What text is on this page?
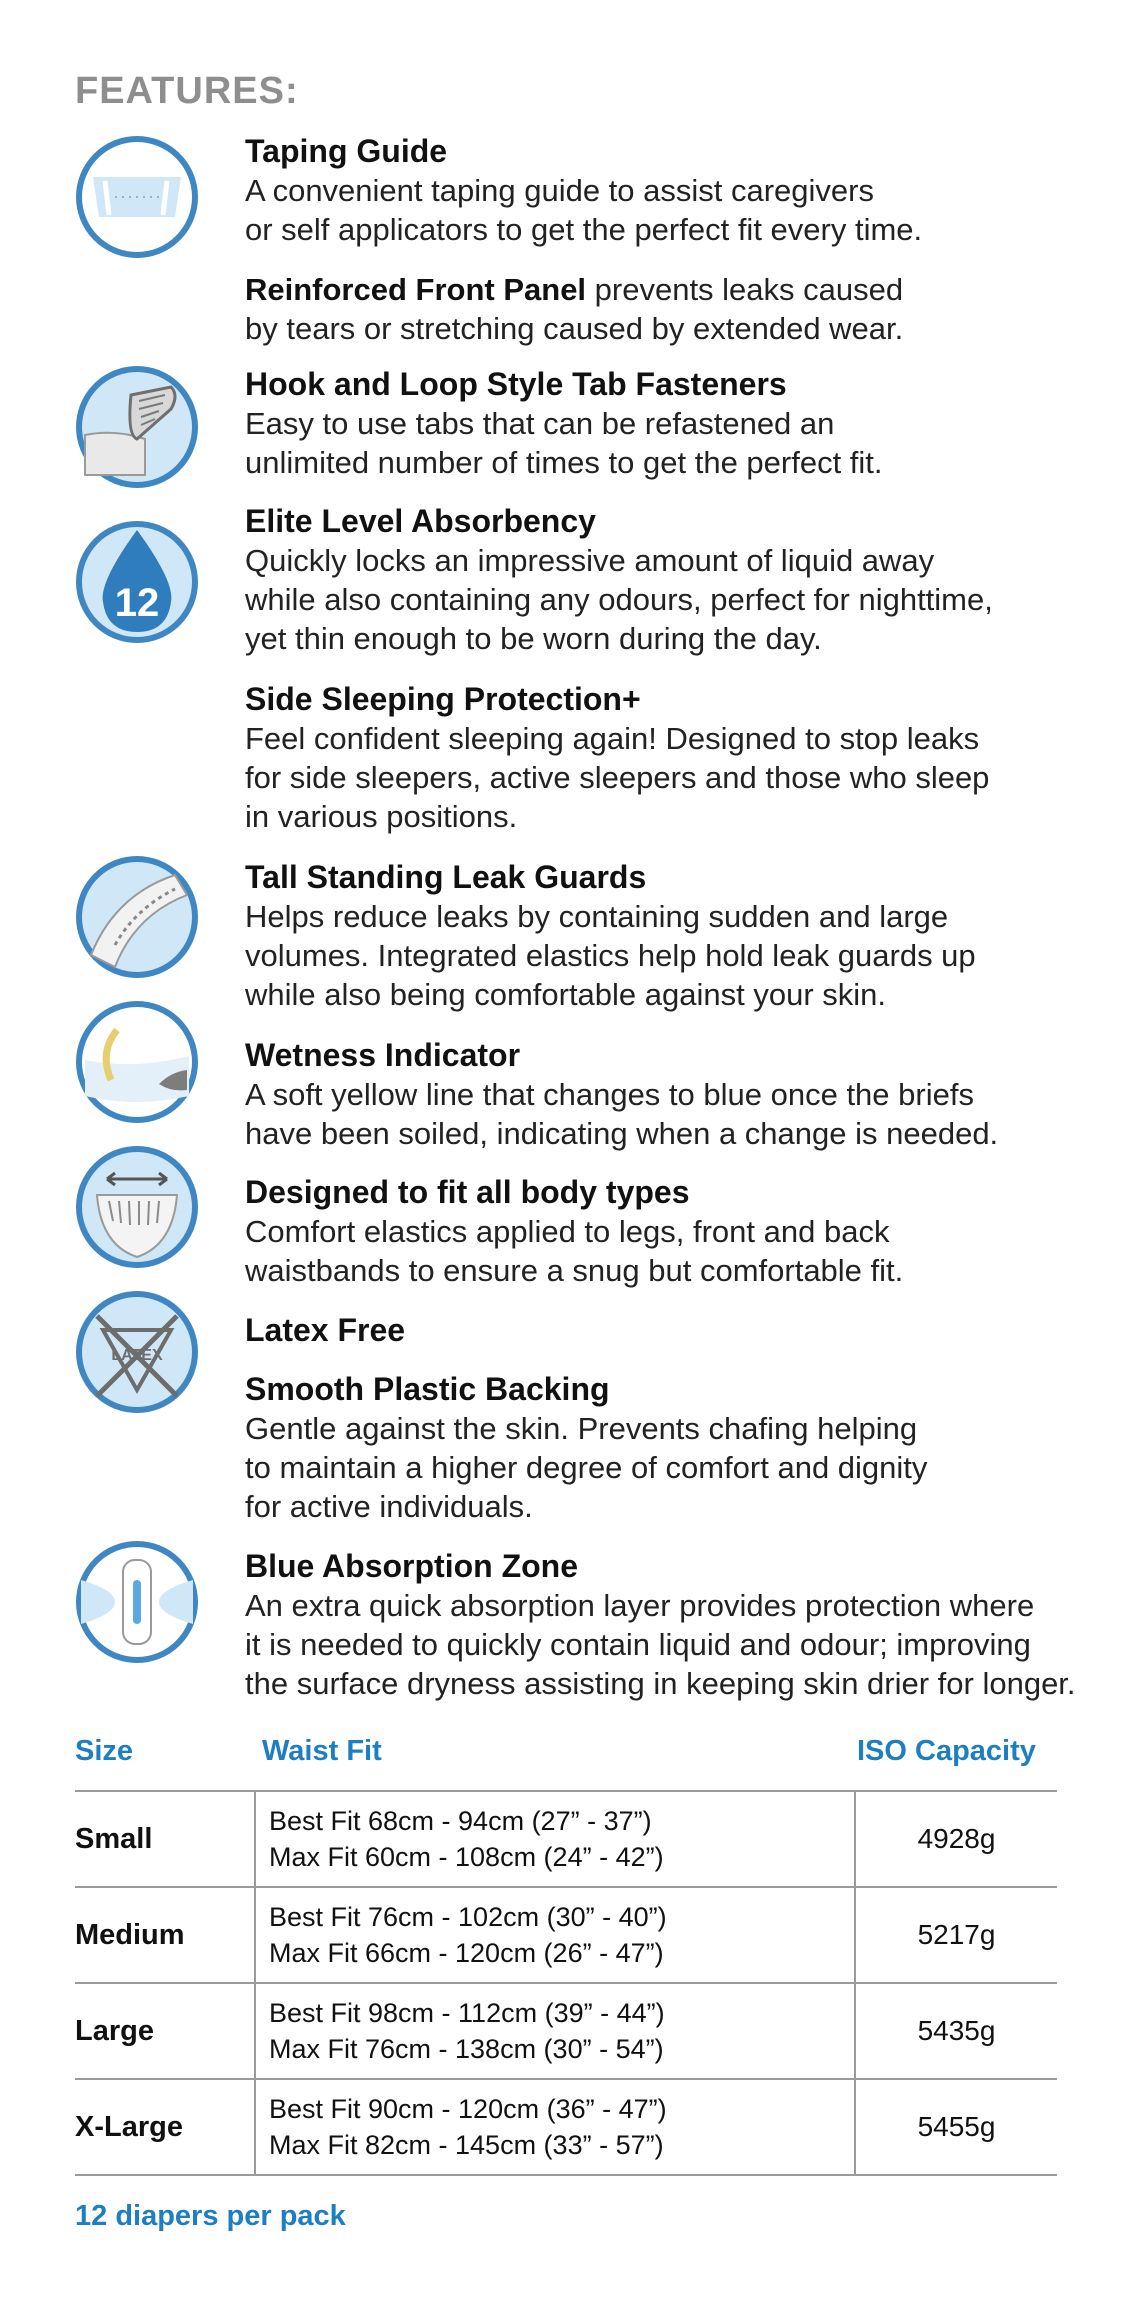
FEATURES:
12
LATEX
Taping Guide
A convenient taping guide to assist caregivers
or self applicators to get the perfect fit every time.
Reinforced Front Panel prevents leaks caused
by tears or stretching caused by extended wear.
Hook and Loop Style Tab Fasteners
Easy to use tabs that can be refastened an
unlimited number of times to get the perfect fit.
Elite Level Absorbency
Quickly locks an impressive amount of liquid away
while also containing any odours, perfect for nighttime,
yet thin enough to be worn during the day.
Side Sleeping Protection+
Feel confident sleeping again! Designed to stop leaks
for side sleepers, active sleepers and those who sleep
in various positions.
Tall Standing Leak Guards
Helps reduce leaks by containing sudden and large
volumes. Integrated elastics help hold leak guards up
while also being comfortable against your skin.
Wetness Indicator
A soft yellow line that changes to blue once the briefs
have been soiled, indicating when a change is needed.
Designed to fit all body types
Comfort elastics applied to legs, front and back
waistbands to ensure a snug but comfortable fit.
Latex Free
Smooth Plastic Backing
Gentle against the skin. Prevents chafing helping
to maintain a higher degree of comfort and dignity
for active individuals.
Blue Absorption Zone
An extra quick absorption layer provides protection where
it is needed to quickly contain liquid and odour; improving
the surface dryness assisting in keeping skin drier for longer.
Size	Waist Fit	ISO Capacity
Small	Best Fit 68cm - 94cm (27” - 37”)
Max Fit 60cm - 108cm (24” - 42”)	4928g
Medium	Best Fit 76cm - 102cm (30” - 40”)
Max Fit 66cm - 120cm (26” - 47”)	5217g
Large	Best Fit 98cm - 112cm (39” - 44”)
Max Fit 76cm - 138cm (30” - 54”)	5435g
X-Large	Best Fit 90cm - 120cm (36” - 47”)
Max Fit 82cm - 145cm (33” - 57”)	5455g
12 diapers per pack
